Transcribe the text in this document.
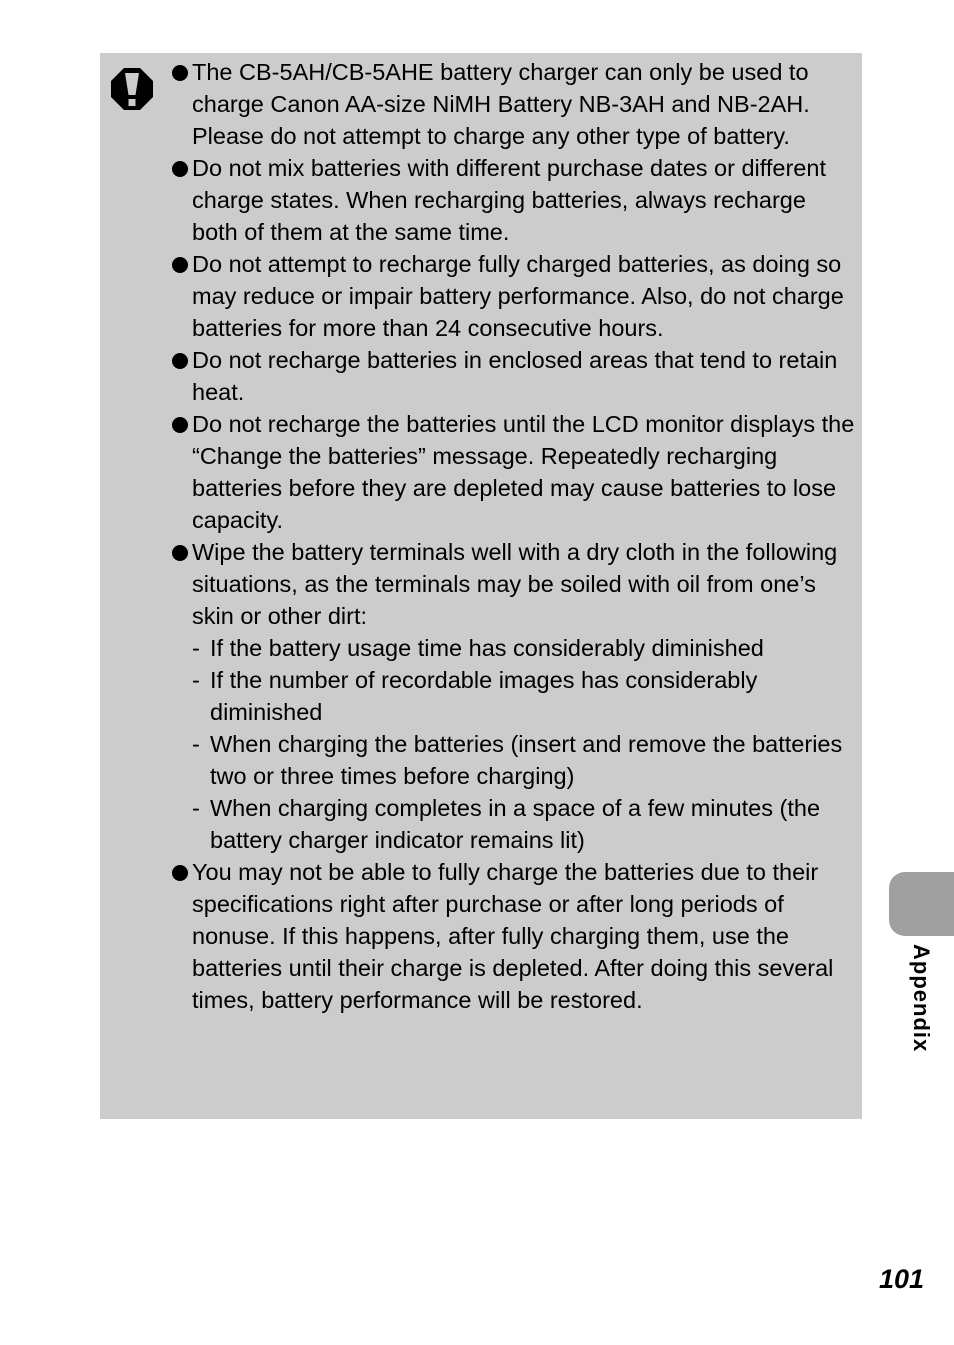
The CB-5AH/CB-5AHE battery charger can only be used to charge Canon AA-size NiMH Battery NB-3AH and NB-2AH. Please do not attempt to charge any other type of battery.
Do not mix batteries with different purchase dates or different charge states. When recharging batteries, always recharge both of them at the same time.
Do not attempt to recharge fully charged batteries, as doing so may reduce or impair battery performance. Also, do not charge batteries for more than 24 consecutive hours.
Do not recharge batteries in enclosed areas that tend to retain heat.
Do not recharge the batteries until the LCD monitor displays the “Change the batteries” message. Repeatedly recharging batteries before they are depleted may cause batteries to lose capacity.
Wipe the battery terminals well with a dry cloth in the following situations, as the terminals may be soiled with oil from one’s skin or other dirt:
- If the battery usage time has considerably diminished
- If the number of recordable images has considerably diminished
- When charging the batteries (insert and remove the batteries two or three times before charging)
- When charging completes in a space of a few minutes (the battery charger indicator remains lit)
You may not be able to fully charge the batteries due to their specifications right after purchase or after long periods of nonuse. If this happens, after fully charging them, use the batteries until their charge is depleted. After doing this several times, battery performance will be restored.	Appendix
101
